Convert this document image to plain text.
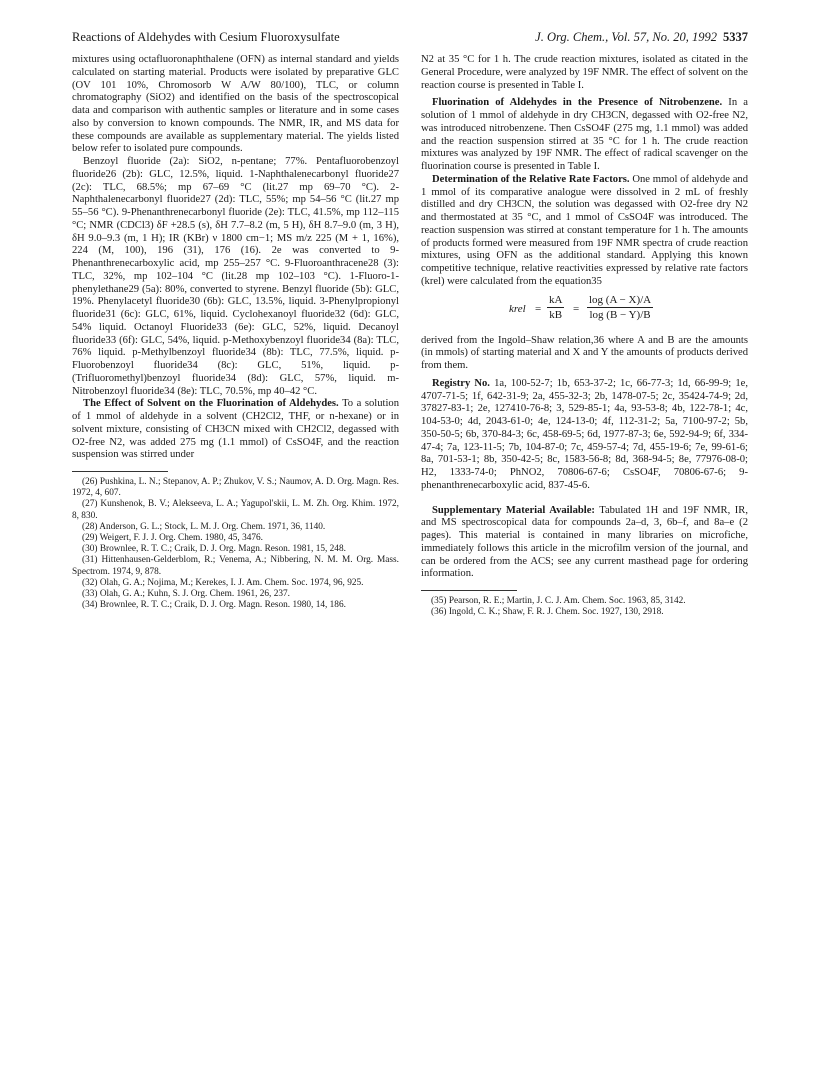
Reactions of Aldehydes with Cesium Fluoroxysulfate	J. Org. Chem., Vol. 57, No. 20, 1992 5337

mixtures using octafluoronaphthalene (OFN) as internal standard and yields calculated on starting material. Products were isolated by preparative GLC (OV 101 10%, Chromosorb W A/W 80/100), TLC, or column chromatography (SiO2) and identified on the basis of the spectroscopical data and comparison with authentic samples or literature and in some cases also by conversion to known compounds. The NMR, IR, and MS data for these compounds are available as supplementary material. The yields listed below refer to isolated pure compounds.

Benzoyl fluoride (2a): SiO2, n-pentane; 77%. Pentafluorobenzoyl fluoride26 (2b): GLC, 12.5%, liquid. 1-Naphthalenecarbonyl fluoride27 (2c): TLC, 68.5%; mp 67–69 °C (lit.27 mp 69–70 °C). 2-Naphthalenecarbonyl fluoride27 (2d): TLC, 55%; mp 54–56 °C (lit.27 mp 55–56 °C). 9-Phenanthrenecarbonyl fluoride (2e): TLC, 41.5%, mp 112–115 °C; NMR (CDCl3) δF +28.5 (s), δH 7.7–8.2 (m, 5 H), δH 8.7–9.0 (m, 3 H), δH 9.0–9.3 (m, 1 H); IR (KBr) ν 1800 cm−1; MS m/z 225 (M + 1, 16%), 224 (M, 100), 196 (31), 176 (16). 2e was converted to 9-Phenanthrenecarboxylic acid, mp 255–257 °C. 9-Fluoroanthracene28 (3): TLC, 32%, mp 102–104 °C (lit.28 mp 102–103 °C). 1-Fluoro-1-phenylethane29 (5a): 80%, converted to styrene. Benzyl fluoride (5b): GLC, 19%. Phenylacetyl fluoride30 (6b): GLC, 13.5%, liquid. 3-Phenylpropionyl fluoride31 (6c): GLC, 61%, liquid. Cyclohexanoyl fluoride32 (6d): GLC, 54% liquid. Octanoyl Fluoride33 (6e): GLC, 52%, liquid. Decanoyl fluoride33 (6f): GLC, 54%, liquid. p-Methoxybenzoyl fluoride34 (8a): TLC, 76% liquid. p-Methylbenzoyl fluoride34 (8b): TLC, 77.5%, liquid. p-Fluorobenzoyl fluoride34 (8c): GLC, 51%, liquid. p-(Trifluoromethyl)benzoyl fluoride34 (8d): GLC, 57%, liquid. m-Nitrobenzoyl fluoride34 (8e): TLC, 70.5%, mp 40–42 °C.

The Effect of Solvent on the Fluorination of Aldehydes. To a solution of 1 mmol of aldehyde in a solvent (CH2Cl2, THF, or n-hexane) or in solvent mixture, consisting of CH3CN mixed with CH2Cl2, degassed with O2-free N2, was added 275 mg (1.1 mmol) of CsSO4F, and the reaction suspension was stirred under

(26) Pushkina, L. N.; Stepanov, A. P.; Zhukov, V. S.; Naumov, A. D. Org. Magn. Res. 1972, 4, 607.
(27) Kunshenok, B. V.; Alekseeva, L. A.; Yagupol'skii, L. M. Zh. Org. Khim. 1972, 8, 830.
(28) Anderson, G. L.; Stock, L. M. J. Org. Chem. 1971, 36, 1140.
(29) Weigert, F. J. J. Org. Chem. 1980, 45, 3476.
(30) Brownlee, R. T. C.; Craik, D. J. Org. Magn. Reson. 1981, 15, 248.
(31) Hittenhausen-Gelderblom, R.; Venema, A.; Nibbering, N. M. M. Org. Mass. Spectrom. 1974, 9, 878.
(32) Olah, G. A.; Nojima, M.; Kerekes, I. J. Am. Chem. Soc. 1974, 96, 925.
(33) Olah, G. A.; Kuhn, S. J. Org. Chem. 1961, 26, 237.
(34) Brownlee, R. T. C.; Craik, D. J. Org. Magn. Reson. 1980, 14, 186.

N2 at 35 °C for 1 h. The crude reaction mixtures, isolated as citated in the General Procedure, were analyzed by 19F NMR. The effect of solvent on the reaction course is presented in Table I.

Fluorination of Aldehydes in the Presence of Nitrobenzene. In a solution of 1 mmol of aldehyde in dry CH3CN, degassed with O2-free N2, was introduced nitrobenzene. Then CsSO4F (275 mg, 1.1 mmol) was added and the reaction suspension stirred at 35 °C for 1 h. The crude reaction mixtures was analyzed by 19F NMR. The effect of radical scavenger on the fluorination course is presented in Table I.

Determination of the Relative Rate Factors. One mmol of aldehyde and 1 mmol of its comparative analogue were dissolved in 2 mL of freshly distilled and dry CH3CN, the solution was degassed with O2-free dry N2 and thermostated at 35 °C, and 1 mmol of CsSO4F was introduced. The reaction suspension was stirred at constant temperature for 1 h. The amounts of products formed were measured from 19F NMR spectra of crude reaction mixtures, using OFN as the additional standard. Applying this known competitive technique, relative reactivities expressed by relative rate factors (krel) were calculated from the equation35

krel = $\frac{kA}{kB} = \frac{\log (A - X)/A}{\log (B - Y)/B}$

derived from the Ingold–Shaw relation,36 where A and B are the amounts (in mmols) of starting material and X and Y the amounts of products derived from them.

Registry No. 1a, 100-52-7; 1b, 653-37-2; 1c, 66-77-3; 1d, 66-99-9; 1e, 4707-71-5; 1f, 642-31-9; 2a, 455-32-3; 2b, 1478-07-5; 2c, 35424-74-9; 2d, 37827-83-1; 2e, 127410-76-8; 3, 529-85-1; 4a, 93-53-8; 4b, 122-78-1; 4c, 104-53-0; 4d, 2043-61-0; 4e, 124-13-0; 4f, 112-31-2; 5a, 7100-97-2; 5b, 350-50-5; 6b, 370-84-3; 6c, 458-69-5; 6d, 1977-87-3; 6e, 592-94-9; 6f, 334-47-4; 7a, 123-11-5; 7b, 104-87-0; 7c, 459-57-4; 7d, 455-19-6; 7e, 99-61-6; 8a, 701-53-1; 8b, 350-42-5; 8c, 1583-56-8; 8d, 368-94-5; 8e, 77976-08-0; H2, 1333-74-0; PhNO2, 70806-67-6; CsSO4F, 70806-67-6; 9-phenanthrenecarboxylic acid, 837-45-6.

Supplementary Material Available: Tabulated 1H and 19F NMR, IR, and MS spectroscopical data for compounds 2a–d, 3, 6b–f, and 8a–e (2 pages). This material is contained in many libraries on microfiche, immediately follows this article in the microfilm version of the journal, and can be ordered from the ACS; see any current masthead page for ordering information.

(35) Pearson, R. E.; Martin, J. C. J. Am. Chem. Soc. 1963, 85, 3142.
(36) Ingold, C. K.; Shaw, F. R. J. Chem. Soc. 1927, 130, 2918.
